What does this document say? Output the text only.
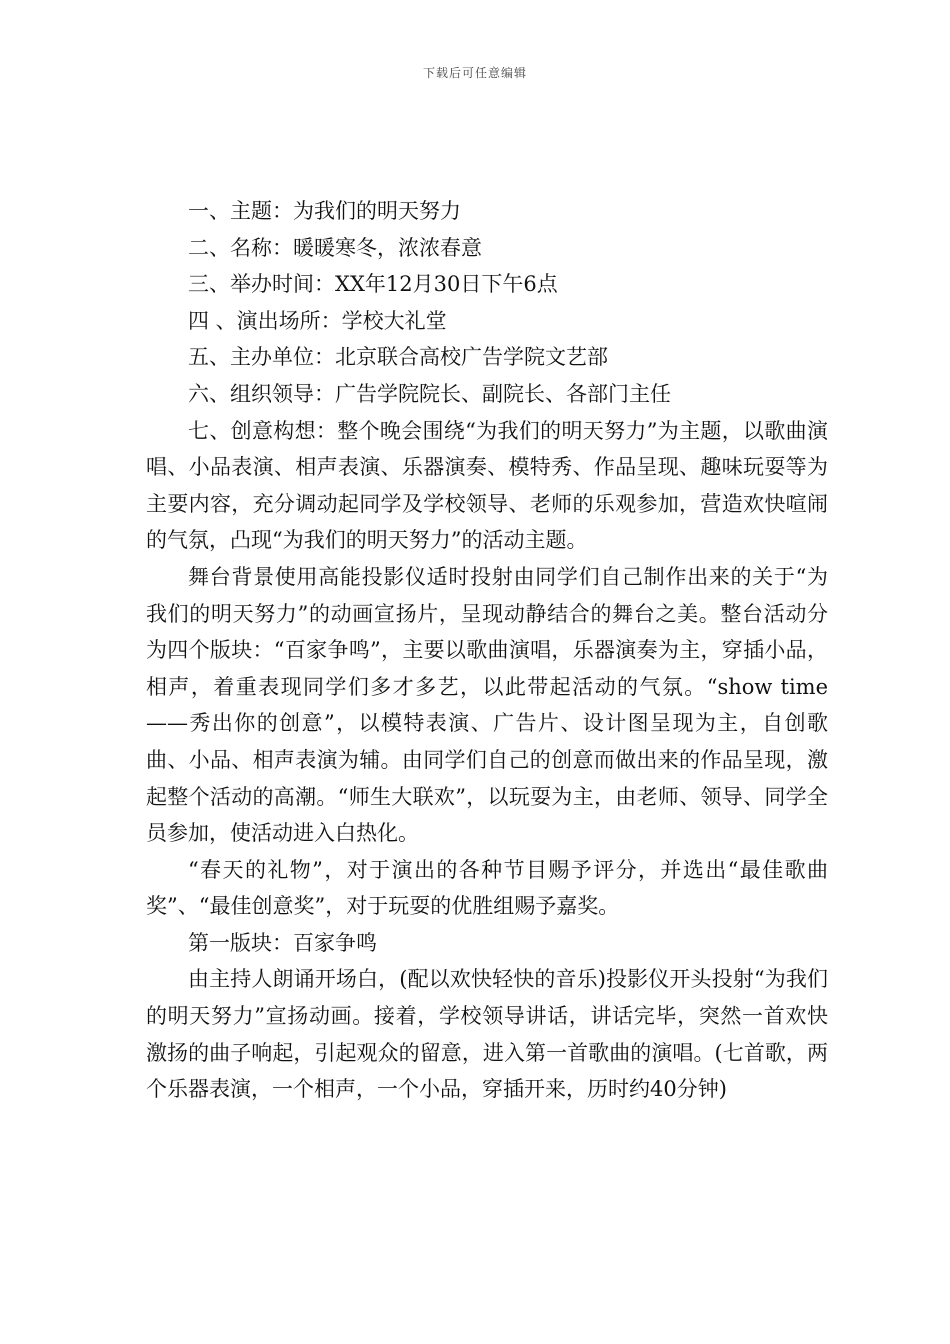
下载后可任意编辑

一、主题：为我们的明天努力

二、名称：暖暖寒冬，浓浓春意

三、举办时间：XX年12月30日下午6点

四 、演出场所：学校大礼堂

五、主办单位：北京联合高校广告学院文艺部

六、组织领导：广告学院院长、副院长、各部门主任

七、创意构想：整个晚会围绕“为我们的明天努力”为主题，以歌曲演唱、小品表演、相声表演、乐器演奏、模特秀、作品呈现、趣味玩耍等为主要内容，充分调动起同学及学校领导、老师的乐观参加，营造欢快喧闹的气氛，凸现“为我们的明天努力”的活动主题。

舞台背景使用高能投影仪适时投射由同学们自己制作出来的关于“为我们的明天努力”的动画宣扬片，呈现动静结合的舞台之美。整台活动分为四个版块：“百家争鸣”，主要以歌曲演唱，乐器演奏为主，穿插小品，相声，着重表现同学们多才多艺，以此带起活动的气氛。“show time——秀出你的创意”，以模特表演、广告片、设计图呈现为主，自创歌曲、小品、相声表演为辅。由同学们自己的创意而做出来的作品呈现，激起整个活动的高潮。“师生大联欢”，以玩耍为主，由老师、领导、同学全员参加，使活动进入白热化。

“春天的礼物”，对于演出的各种节目赐予评分，并选出“最佳歌曲奖”、“最佳创意奖”，对于玩耍的优胜组赐予嘉奖。

第一版块：百家争鸣

由主持人朗诵开场白，(配以欢快轻快的音乐)投影仪开头投射“为我们的明天努力”宣扬动画。接着，学校领导讲话，讲话完毕，突然一首欢快激扬的曲子响起，引起观众的留意，进入第一首歌曲的演唱。(七首歌，两个乐器表演，一个相声，一个小品，穿插开来，历时约40分钟)
